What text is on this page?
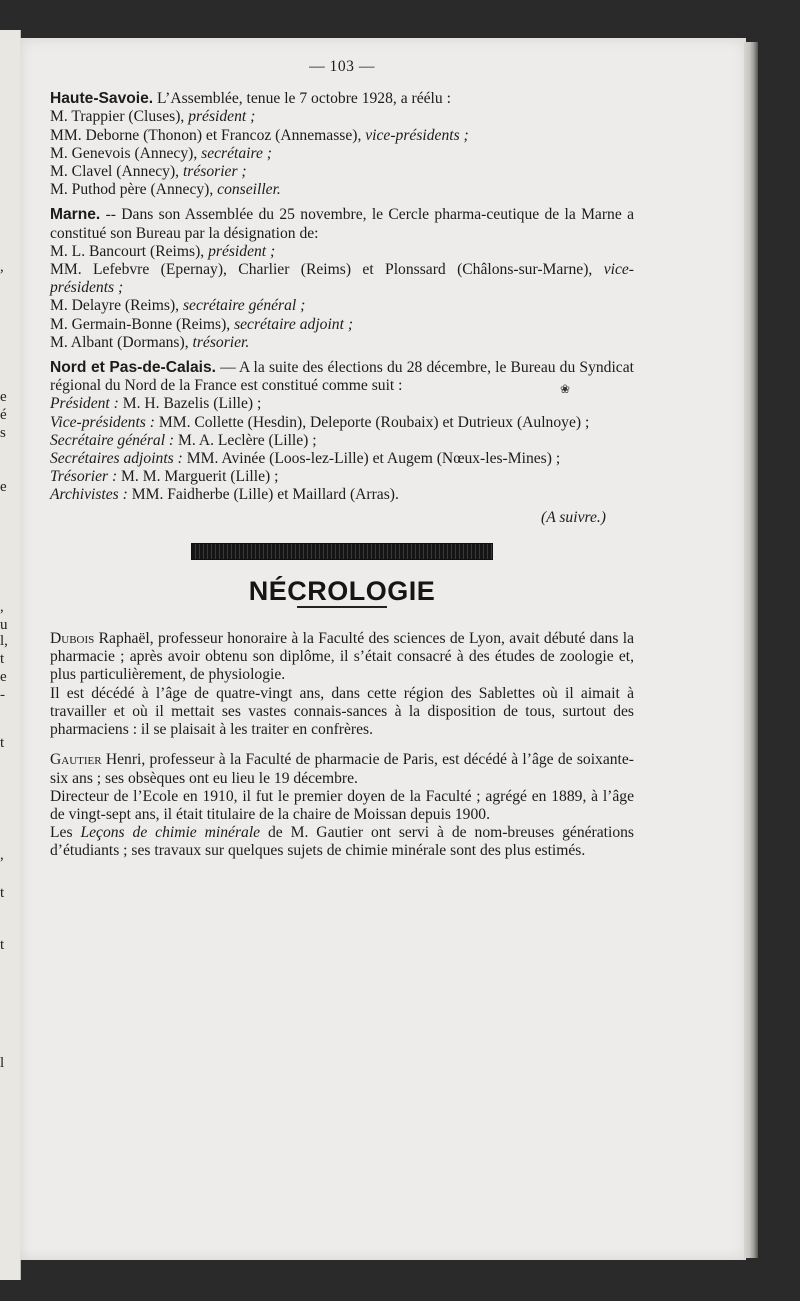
,
e
é
s
e
,
u
l,
t
e
-
t
,
t
t
l
— 103 —

Haute-Savoie. L’Assemblée, tenue le 7 octobre 1928, a réélu :

M. Trappier (Cluses), président ;

MM. Deborne (Thonon) et Francoz (Annemasse), vice-présidents ;

M. Genevois (Annecy), secrétaire ;

M. Clavel (Annecy), trésorier ;

M. Puthod père (Annecy), conseiller.

Marne. -- Dans son Assemblée du 25 novembre, le Cercle pharma-ceutique de la Marne a constitué son Bureau par la désignation de:

M. L. Bancourt (Reims), président ;

MM. Lefebvre (Epernay), Charlier (Reims) et Plonssard (Châlons-sur-Marne), vice-présidents ;

M. Delayre (Reims), secrétaire général ;

M. Germain-Bonne (Reims), secrétaire adjoint ;

M. Albant (Dormans), trésorier.

Nord et Pas-de-Calais. — A la suite des élections du 28 décembre, le Bureau du Syndicat régional du Nord de la France est constitué comme suit :

Président : M. H. Bazelis (Lille) ;

Vice-présidents : MM. Collette (Hesdin), Deleporte (Roubaix) et Dutrieux (Aulnoye) ;

Secrétaire général : M. A. Leclère (Lille) ;

Secrétaires adjoints : MM. Avinée (Loos-lez-Lille) et Augem (Nœux-les-Mines) ;

Trésorier : M. M. Marguerit (Lille) ;

Archivistes : MM. Faidherbe (Lille) et Maillard (Arras).

(A suivre.)

NÉCROLOGIE

Dubois Raphaël, professeur honoraire à la Faculté des sciences de Lyon, avait débuté dans la pharmacie ; après avoir obtenu son diplôme, il s’était consacré à des études de zoologie et, plus particulièrement, de physiologie.

Il est décédé à l’âge de quatre-vingt ans, dans cette région des Sablettes où il aimait à travailler et où il mettait ses vastes connais-sances à la disposition de tous, surtout des pharmaciens : il se plaisait à les traiter en confrères.

Gautier Henri, professeur à la Faculté de pharmacie de Paris, est décédé à l’âge de soixante-six ans ; ses obsèques ont eu lieu le 19 décembre.

Directeur de l’Ecole en 1910, il fut le premier doyen de la Faculté ; agrégé en 1889, à l’âge de vingt-sept ans, il était titulaire de la chaire de Moissan depuis 1900.

Les Leçons de chimie minérale de M. Gautier ont servi à de nom-breuses générations d’étudiants ; ses travaux sur quelques sujets de chimie minérale sont des plus estimés.

❀
